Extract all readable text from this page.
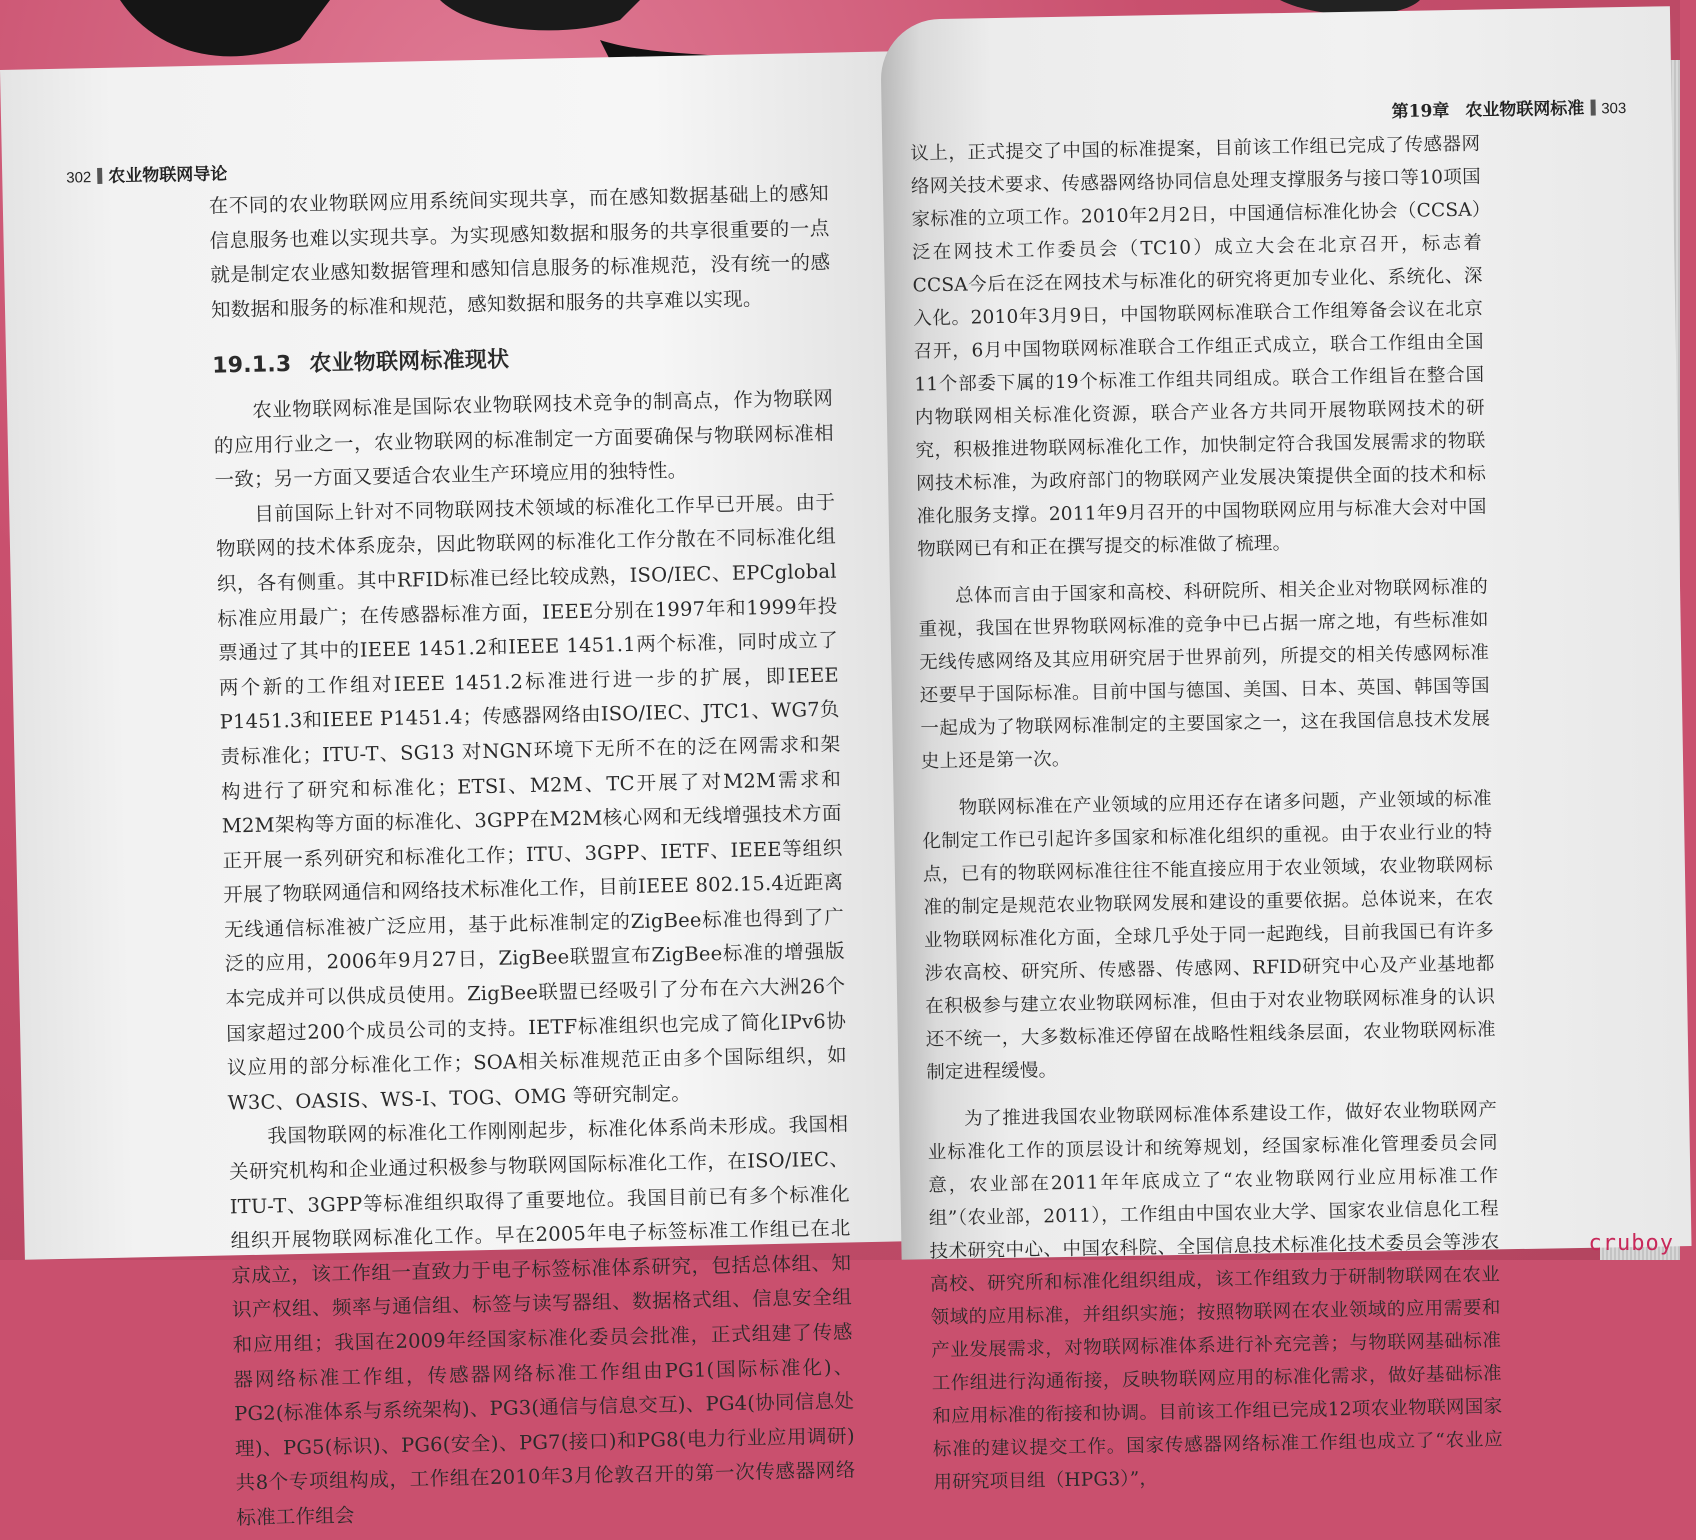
302 农业物联网导论

在不同的农业物联网应用系统间实现共享，而在感知数据基础上的感知信息服务也难以实现共享。为实现感知数据和服务的共享很重要的一点就是制定农业感知数据管理和感知信息服务的标准规范，没有统一的感知数据和服务的标准和规范，感知数据和服务的共享难以实现。

19.1.3 农业物联网标准现状

农业物联网标准是国际农业物联网技术竞争的制高点，作为物联网的应用行业之一，农业物联网的标准制定一方面要确保与物联网标准相一致；另一方面又要适合农业生产环境应用的独特性。

目前国际上针对不同物联网技术领域的标准化工作早已开展。由于物联网的技术体系庞杂，因此物联网的标准化工作分散在不同标准化组织，各有侧重。其中RFID标准已经比较成熟，ISO/IEC、EPCglobal标准应用最广；在传感器标准方面，IEEE分别在1997年和1999年投票通过了其中的IEEE 1451.2和IEEE 1451.1两个标准，同时成立了两个新的工作组对IEEE 1451.2标准进行进一步的扩展，即IEEE P1451.3和IEEE P1451.4；传感器网络由ISO/IEC、JTC1、WG7负责标准化；ITU-T、SG13 对NGN环境下无所不在的泛在网需求和架构进行了研究和标准化；ETSI、M2M、TC开展了对M2M需求和M2M架构等方面的标准化、3GPP在M2M核心网和无线增强技术方面正开展一系列研究和标准化工作；ITU、3GPP、IETF、IEEE等组织开展了物联网通信和网络技术标准化工作，目前IEEE 802.15.4近距离无线通信标准被广泛应用，基于此标准制定的ZigBee标准也得到了广泛的应用，2006年9月27日，ZigBee联盟宣布ZigBee标准的增强版本完成并可以供成员使用。ZigBee联盟已经吸引了分布在六大洲26个国家超过200个成员公司的支持。IETF标准组织也完成了简化IPv6协议应用的部分标准化工作；SOA相关标准规范正由多个国际组织，如W3C、OASIS、WS-I、TOG、OMG 等研究制定。

我国物联网的标准化工作刚刚起步，标准化体系尚未形成。我国相关研究机构和企业通过积极参与物联网国际标准化工作，在ISO/IEC、ITU-T、3GPP等标准组织取得了重要地位。我国目前已有多个标准化组织开展物联网标准化工作。早在2005年电子标签标准工作组已在北京成立，该工作组一直致力于电子标签标准体系研究，包括总体组、知识产权组、频率与通信组、标签与读写器组、数据格式组、信息安全组和应用组；我国在2009年经国家标准化委员会批准，正式组建了传感器网络标准工作组，传感器网络标准工作组由PG1(国际标准化)、PG2(标准体系与系统架构)、PG3(通信与信息交互)、PG4(协同信息处理)、PG5(标识)、PG6(安全)、PG7(接口)和PG8(电力行业应用调研)共8个专项组构成，工作组在2010年3月伦敦召开的第一次传感器网络标准工作组会

第19章 农业物联网标准 303

议上，正式提交了中国的标准提案，目前该工作组已完成了传感器网络网关技术要求、传感器网络协同信息处理支撑服务与接口等10项国家标准的立项工作。2010年2月2日，中国通信标准化协会（CCSA）泛在网技术工作委员会（TC10）成立大会在北京召开，标志着CCSA今后在泛在网技术与标准化的研究将更加专业化、系统化、深入化。2010年3月9日，中国物联网标准联合工作组筹备会议在北京召开，6月中国物联网标准联合工作组正式成立，联合工作组由全国11个部委下属的19个标准工作组共同组成。联合工作组旨在整合国内物联网相关标准化资源，联合产业各方共同开展物联网技术的研究，积极推进物联网标准化工作，加快制定符合我国发展需求的物联网技术标准，为政府部门的物联网产业发展决策提供全面的技术和标准化服务支撑。2011年9月召开的中国物联网应用与标准大会对中国物联网已有和正在撰写提交的标准做了梳理。

总体而言由于国家和高校、科研院所、相关企业对物联网标准的重视，我国在世界物联网标准的竞争中已占据一席之地，有些标准如无线传感网络及其应用研究居于世界前列，所提交的相关传感网标准还要早于国际标准。目前中国与德国、美国、日本、英国、韩国等国一起成为了物联网标准制定的主要国家之一，这在我国信息技术发展史上还是第一次。

物联网标准在产业领域的应用还存在诸多问题，产业领域的标准化制定工作已引起许多国家和标准化组织的重视。由于农业行业的特点，已有的物联网标准往往不能直接应用于农业领域，农业物联网标准的制定是规范农业物联网发展和建设的重要依据。总体说来，在农业物联网标准化方面，全球几乎处于同一起跑线，目前我国已有许多涉农高校、研究所、传感器、传感网、RFID研究中心及产业基地都在积极参与建立农业物联网标准，但由于对农业物联网标准身的认识还不统一，大多数标准还停留在战略性粗线条层面，农业物联网标准制定进程缓慢。

为了推进我国农业物联网标准体系建设工作，做好农业物联网产业标准化工作的顶层设计和统筹规划，经国家标准化管理委员会同意，农业部在2011年年底成立了“农业物联网行业应用标准工作组”（农业部，2011），工作组由中国农业大学、国家农业信息化工程技术研究中心、中国农科院、全国信息技术标准化技术委员会等涉农高校、研究所和标准化组织组成，该工作组致力于研制物联网在农业领域的应用标准，并组织实施；按照物联网在农业领域的应用需要和产业发展需求，对物联网标准体系进行补充完善；与物联网基础标准工作组进行沟通衔接，反映物联网应用的标准化需求，做好基础标准和应用标准的衔接和协调。目前该工作组已完成12项农业物联网国家标准的建议提交工作。国家传感器网络标准工作组也成立了“农业应用研究项目组（HPG3）”，

cruboy
